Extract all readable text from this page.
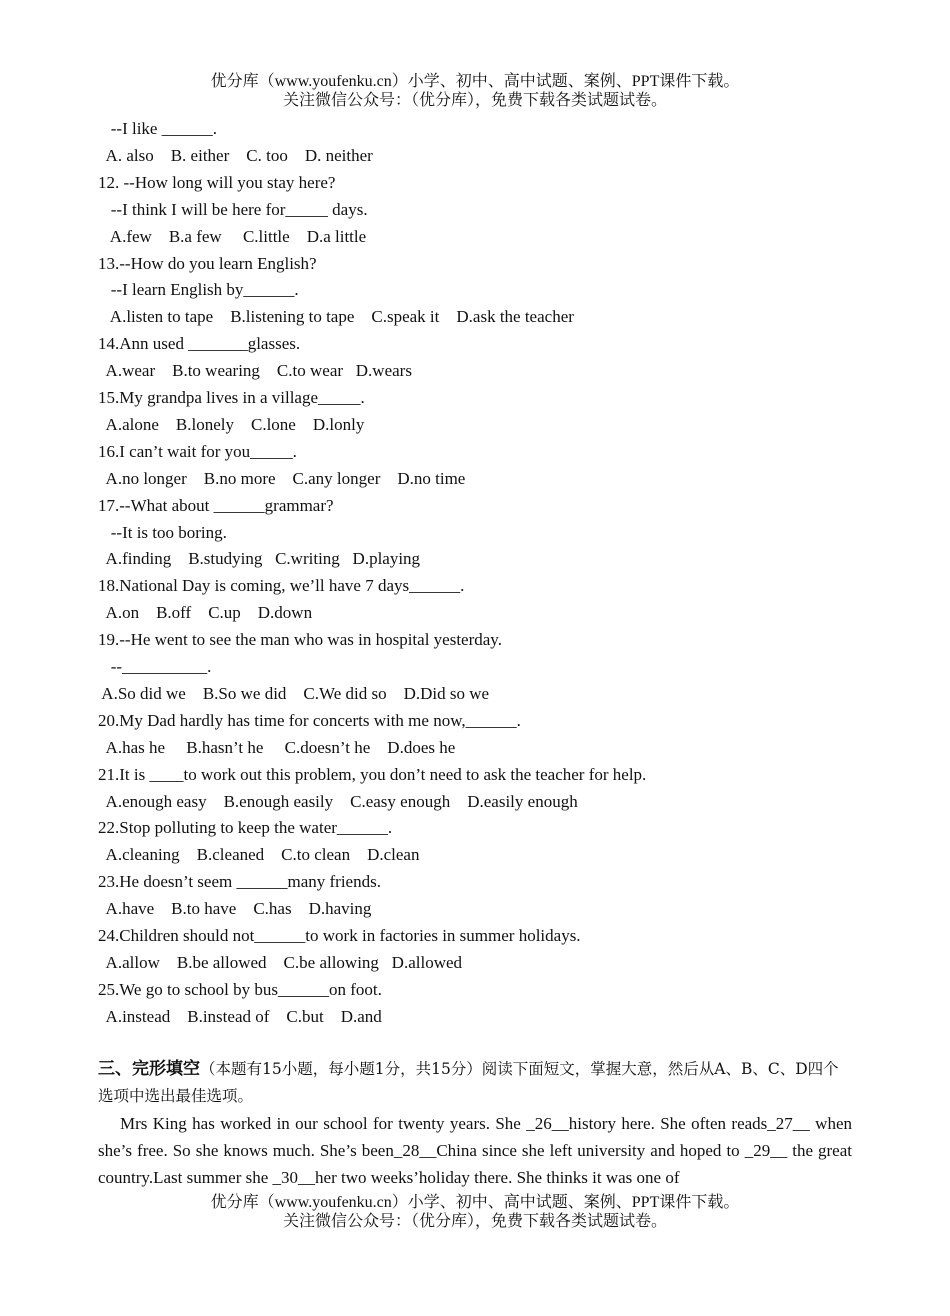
优分库（www.youfenku.cn）小学、初中、高中试题、案例、PPT课件下载。
关注微信公众号：（优分库），免费下载各类试题试卷。
--I like ______.
A. also    B. either    C. too    D. neither
12. --How long will you stay here?
--I think I will be here for_____ days.
A.few    B.a few     C.little    D.a little
13.--How do you learn English?
--I learn English by______.
A.listen to tape    B.listening to tape    C.speak it    D.ask the teacher
14.Ann used _______glasses.
A.wear    B.to wearing    C.to wear   D.wears
15.My grandpa lives in a village_____.
A.alone    B.lonely    C.lone    D.lonly
16.I can’t wait for you_____.
A.no longer    B.no more    C.any longer    D.no time
17.--What about ______grammar?
--It is too boring.
A.finding    B.studying   C.writing   D.playing
18.National Day is coming, we’ll have 7 days______.
A.on    B.off    C.up    D.down
19.--He went to see the man who was in hospital yesterday.
--__________.
A.So did we    B.So we did    C.We did so    D.Did so we
20.My Dad hardly has time for concerts with me now,______.
A.has he     B.hasn’t he     C.doesn’t he    D.does he
21.It is ____to work out this problem, you don’t need to ask the teacher for help.
A.enough easy    B.enough easily    C.easy enough    D.easily enough
22.Stop polluting to keep the water______.
A.cleaning    B.cleaned    C.to clean    D.clean
23.He doesn’t seem ______many friends.
A.have    B.to have    C.has    D.having
24.Children should not______to work in factories in summer holidays.
A.allow    B.be allowed    C.be allowing   D.allowed
25.We go to school by bus______on foot.
A.instead    B.instead of    C.but    D.and
三、完形填空（本题有15小题，每小题1分，共15分）阅读下面短文，掌握大意，然后从A、B、C、D四个选项中选出最佳选项。
Mrs King has worked in our school for twenty years. She _26__history here. She often reads_27__ when she’s free. So she knows much. She’s been_28__China since she left university and hoped to _29__ the great country.Last summer she _30__her two weeks’holiday there. She thinks it was one of
优分库（www.youfenku.cn）小学、初中、高中试题、案例、PPT课件下载。
关注微信公众号：（优分库），免费下载各类试题试卷。
